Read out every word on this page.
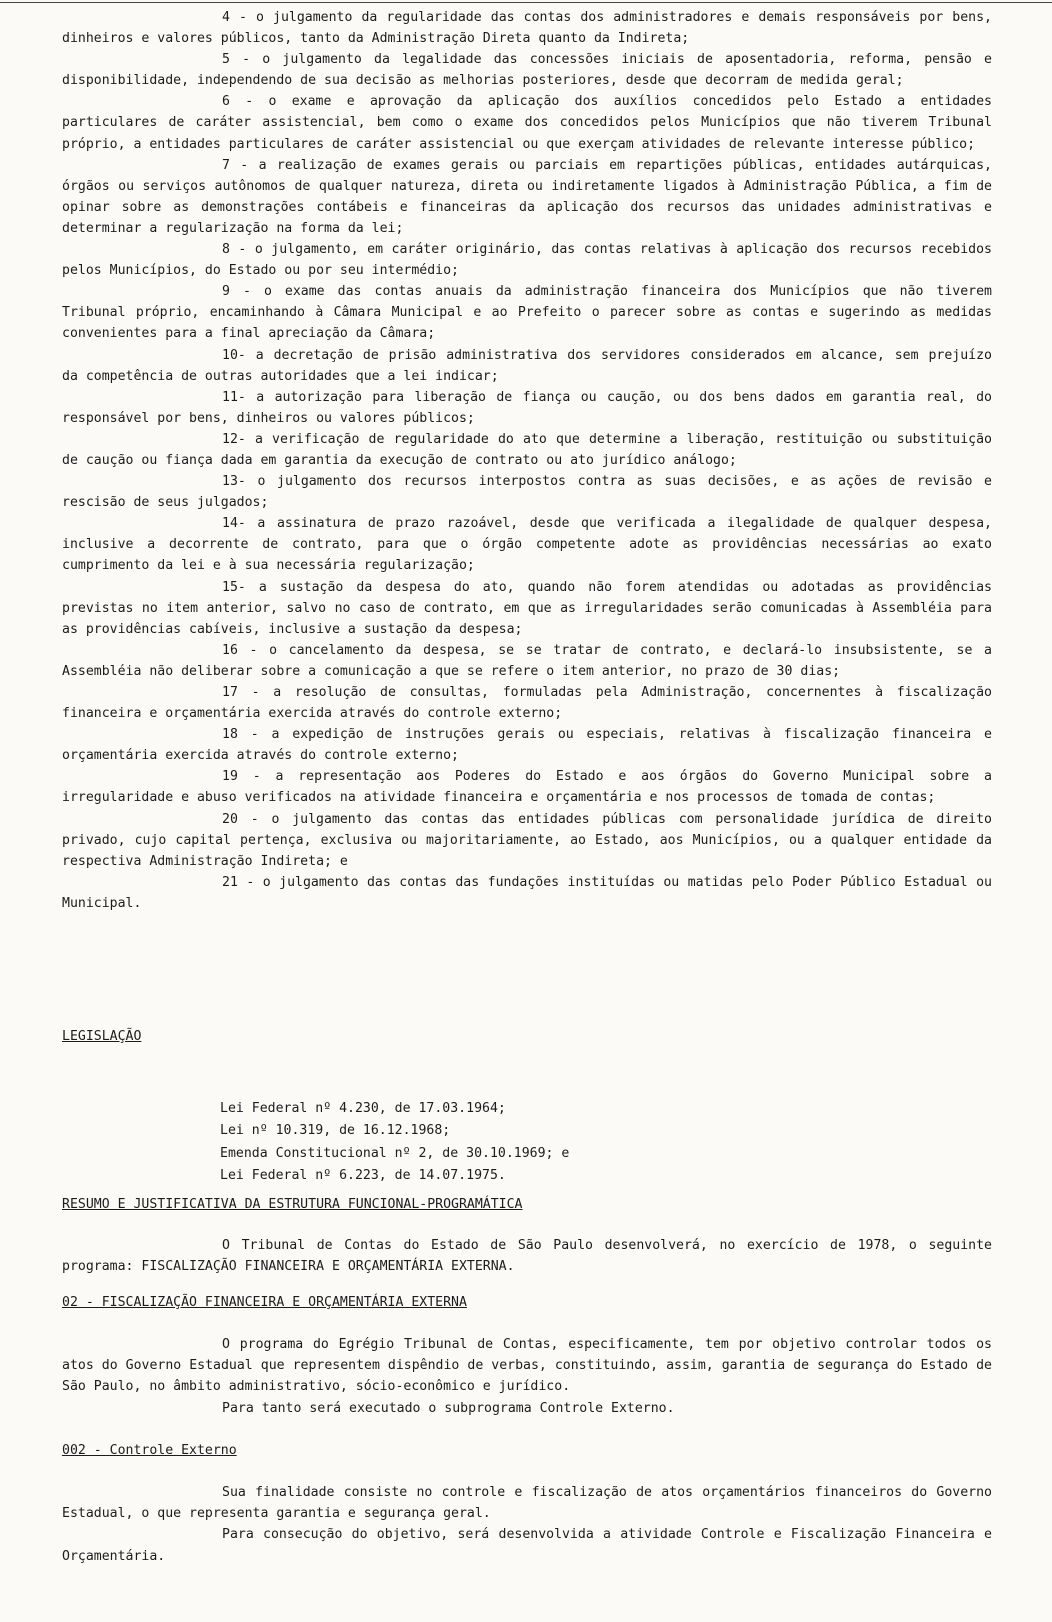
4 - o julgamento da regularidade das contas dos administradores e demais responsáveis por bens, dinheiros e valores públicos, tanto da Administração Direta quanto da Indireta;

5 - o julgamento da legalidade das concessões iniciais de aposentadoria, reforma, pensão e disponibilidade, independendo de sua decisão as melhorias posteriores, desde que decorram de medida geral;

6 - o exame e aprovação da aplicação dos auxílios concedidos pelo Estado a entidades particulares de caráter assistencial, bem como o exame dos concedidos pelos Municípios que não tiverem Tribunal próprio, a entidades particulares de caráter assistencial ou que exerçam atividades de relevante interesse público;

7 - a realização de exames gerais ou parciais em repartições públicas, entidades autárquicas, órgãos ou serviços autônomos de qualquer natureza, direta ou indiretamente ligados à Administração Pública, a fim de opinar sobre as demonstrações contábeis e financeiras da aplicação dos recursos das unidades administrativas e determinar a regularização na forma da lei;

8 - o julgamento, em caráter originário, das contas relativas à aplicação dos recursos recebidos pelos Municípios, do Estado ou por seu intermédio;

9 - o exame das contas anuais da administração financeira dos Municípios que não tiverem Tribunal próprio, encaminhando à Câmara Municipal e ao Prefeito o parecer sobre as contas e sugerindo as medidas convenientes para a final apreciação da Câmara;

10- a decretação de prisão administrativa dos servidores considerados em alcance, sem prejuízo da competência de outras autoridades que a lei indicar;

11- a autorização para liberação de fiança ou caução, ou dos bens dados em garantia real, do responsável por bens, dinheiros ou valores públicos;

12- a verificação de regularidade do ato que determine a liberação, restituição ou substituição de caução ou fiança dada em garantia da execução de contrato ou ato jurídico análogo;

13- o julgamento dos recursos interpostos contra as suas decisões, e as ações de revisão e rescisão de seus julgados;

14- a assinatura de prazo razoável, desde que verificada a ilegalidade de qualquer despesa, inclusive a decorrente de contrato, para que o órgão competente adote as providências necessárias ao exato cumprimento da lei e à sua necessária regularização;

15- a sustação da despesa do ato, quando não forem atendidas ou adotadas as providências previstas no item anterior, salvo no caso de contrato, em que as irregularidades serão comunicadas à Assembléia para as providências cabíveis, inclusive a sustação da despesa;

16 - o cancelamento da despesa, se se tratar de contrato, e declará-lo insubsistente, se a Assembléia não deliberar sobre a comunicação a que se refere o item anterior, no prazo de 30 dias;

17 - a resolução de consultas, formuladas pela Administração, concernentes à fiscalização financeira e orçamentária exercida através do controle externo;

18 - a expedição de instruções gerais ou especiais, relativas à fiscalização financeira e orçamentária exercida através do controle externo;

19 - a representação aos Poderes do Estado e aos órgãos do Governo Municipal sobre a irregularidade e abuso verificados na atividade financeira e orçamentária e nos processos de tomada de contas;

20 - o julgamento das contas das entidades públicas com personalidade jurídica de direito privado, cujo capital pertença, exclusiva ou majoritariamente, ao Estado, aos Municípios, ou a qualquer entidade da respectiva Administração Indireta; e

21 - o julgamento das contas das fundações instituídas ou matidas pelo Poder Público Estadual ou Municipal.

LEGISLAÇÃO
Lei Federal nº 4.230, de 17.03.1964;
Lei nº 10.319, de 16.12.1968;
Emenda Constitucional nº 2, de 30.10.1969; e
Lei Federal nº 6.223, de 14.07.1975.
RESUMO E JUSTIFICATIVA DA ESTRUTURA FUNCIONAL-PROGRAMÁTICA

O Tribunal de Contas do Estado de São Paulo desenvolverá, no exercício de 1978, o seguinte programa: FISCALIZAÇÃO FINANCEIRA E ORÇAMENTÁRIA EXTERNA.

02 - FISCALIZAÇÃO FINANCEIRA E ORÇAMENTÁRIA EXTERNA

O programa do Egrégio Tribunal de Contas, especificamente, tem por objetivo controlar todos os atos do Governo Estadual que representem dispêndio de verbas, constituindo, assim, garantia de segurança do Estado de São Paulo, no âmbito administrativo, sócio-econômico e jurídico.

Para tanto será executado o subprograma Controle Externo.

002 - Controle Externo

Sua finalidade consiste no controle e fiscalização de atos orçamentários financeiros do Governo Estadual, o que representa garantia e segurança geral.

Para consecução do objetivo, será desenvolvida a atividade Controle e Fiscalização Financeira e Orçamentária.
